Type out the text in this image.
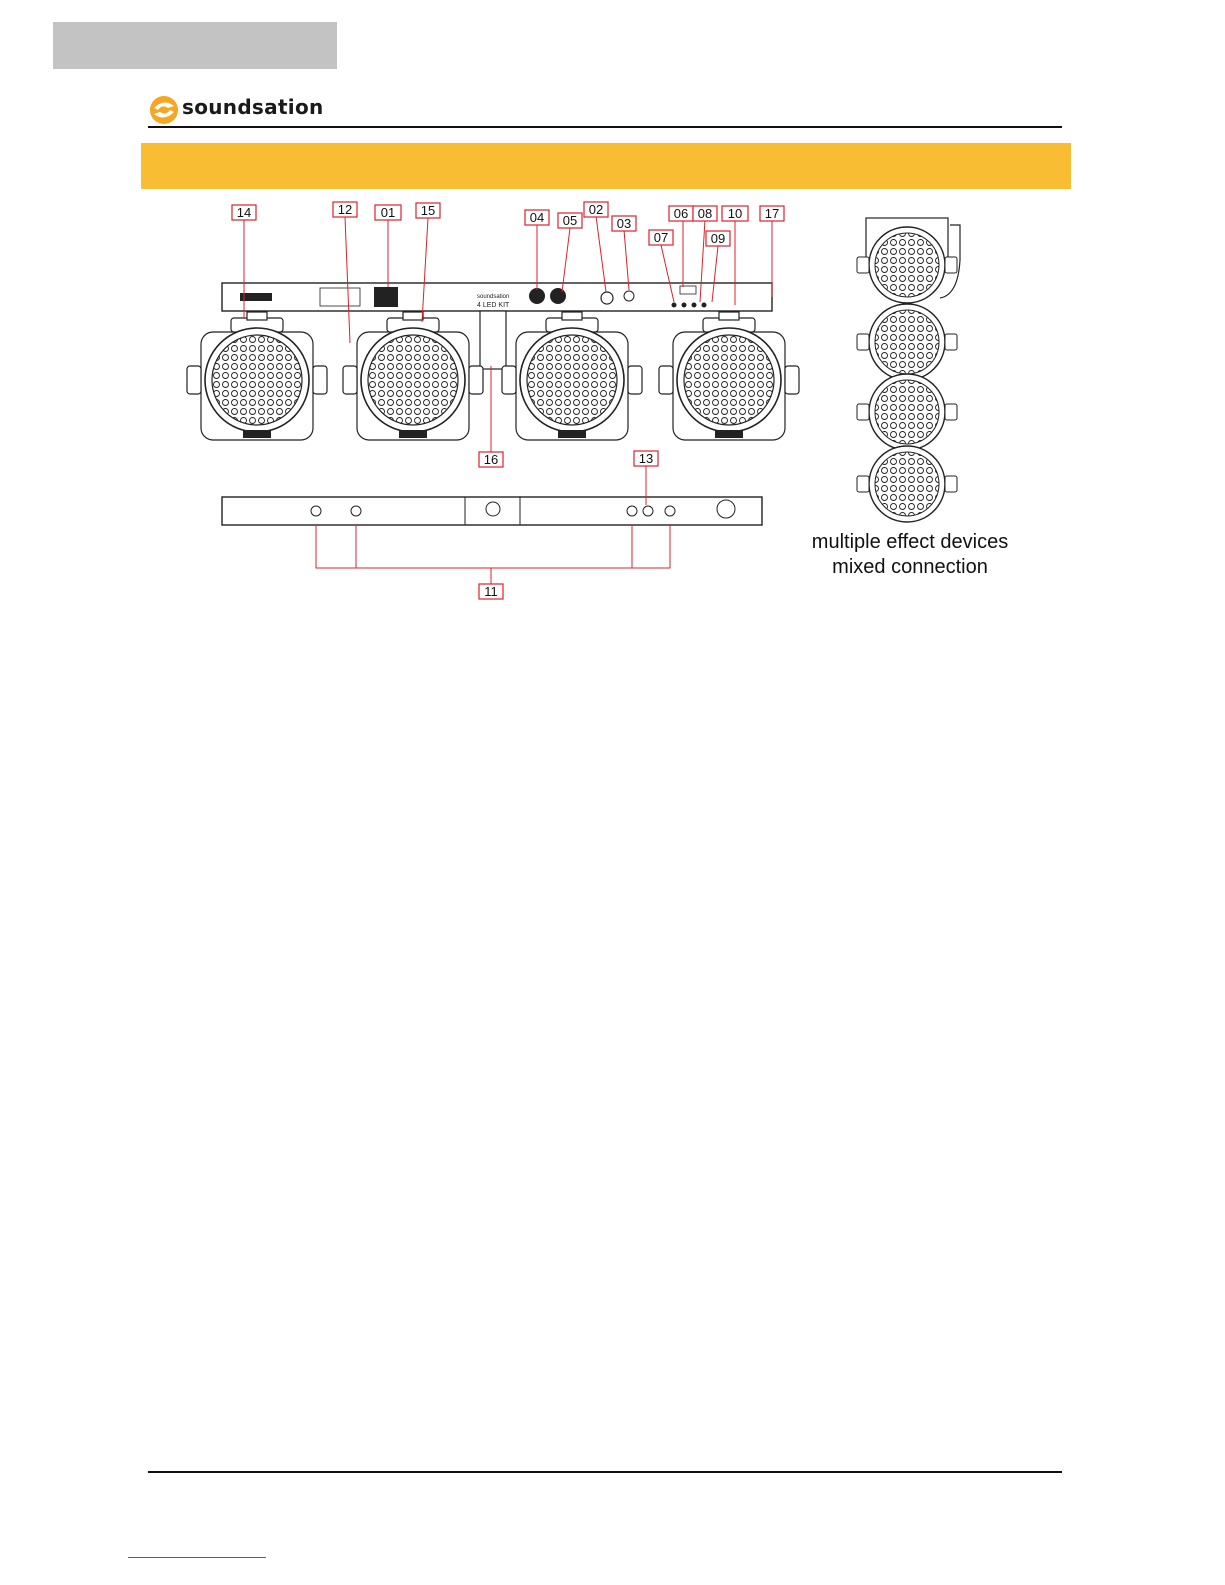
soundsation
soundsation
4 LED KIT
14	12 01 15	04 05
02
03
06 08 10 17
07	09
16	13
11
multiple effect devices
mixed connection
